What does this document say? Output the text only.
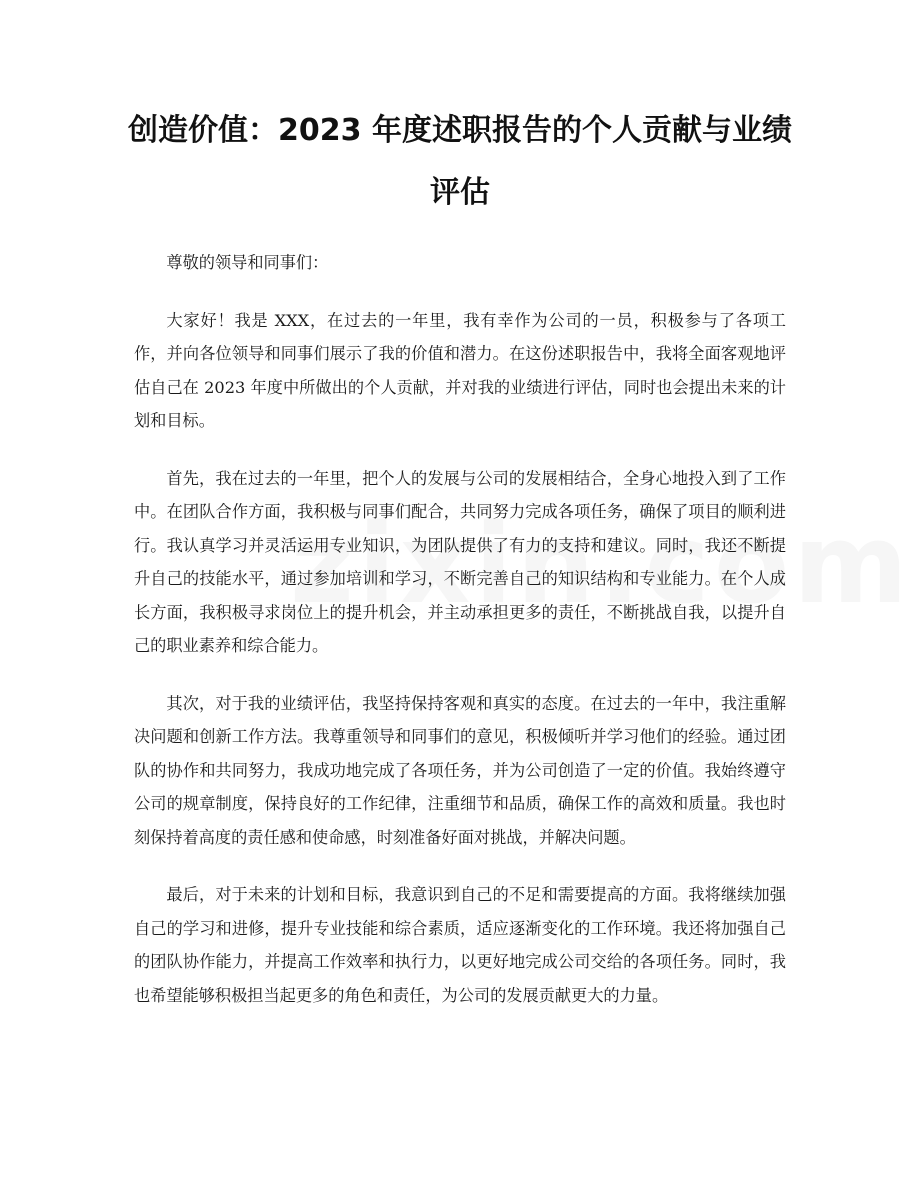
创造价值：2023 年度述职报告的个人贡献与业绩评估

尊敬的领导和同事们：

大家好！我是 XXX，在过去的一年里，我有幸作为公司的一员，积极参与了各项工作，并向各位领导和同事们展示了我的价值和潜力。在这份述职报告中，我将全面客观地评估自己在 2023 年度中所做出的个人贡献，并对我的业绩进行评估，同时也会提出未来的计划和目标。

首先，我在过去的一年里，把个人的发展与公司的发展相结合，全身心地投入到了工作中。在团队合作方面，我积极与同事们配合，共同努力完成各项任务，确保了项目的顺利进行。我认真学习并灵活运用专业知识，为团队提供了有力的支持和建议。同时，我还不断提升自己的技能水平，通过参加培训和学习，不断完善自己的知识结构和专业能力。在个人成长方面，我积极寻求岗位上的提升机会，并主动承担更多的责任，不断挑战自我，以提升自己的职业素养和综合能力。

其次，对于我的业绩评估，我坚持保持客观和真实的态度。在过去的一年中，我注重解决问题和创新工作方法。我尊重领导和同事们的意见，积极倾听并学习他们的经验。通过团队的协作和共同努力，我成功地完成了各项任务，并为公司创造了一定的价值。我始终遵守公司的规章制度，保持良好的工作纪律，注重细节和品质，确保工作的高效和质量。我也时刻保持着高度的责任感和使命感，时刻准备好面对挑战，并解决问题。

最后，对于未来的计划和目标，我意识到自己的不足和需要提高的方面。我将继续加强自己的学习和进修，提升专业技能和综合素质，适应逐渐变化的工作环境。我还将加强自己的团队协作能力，并提高工作效率和执行力，以更好地完成公司交给的各项任务。同时，我也希望能够积极担当起更多的角色和责任，为公司的发展贡献更大的力量。
